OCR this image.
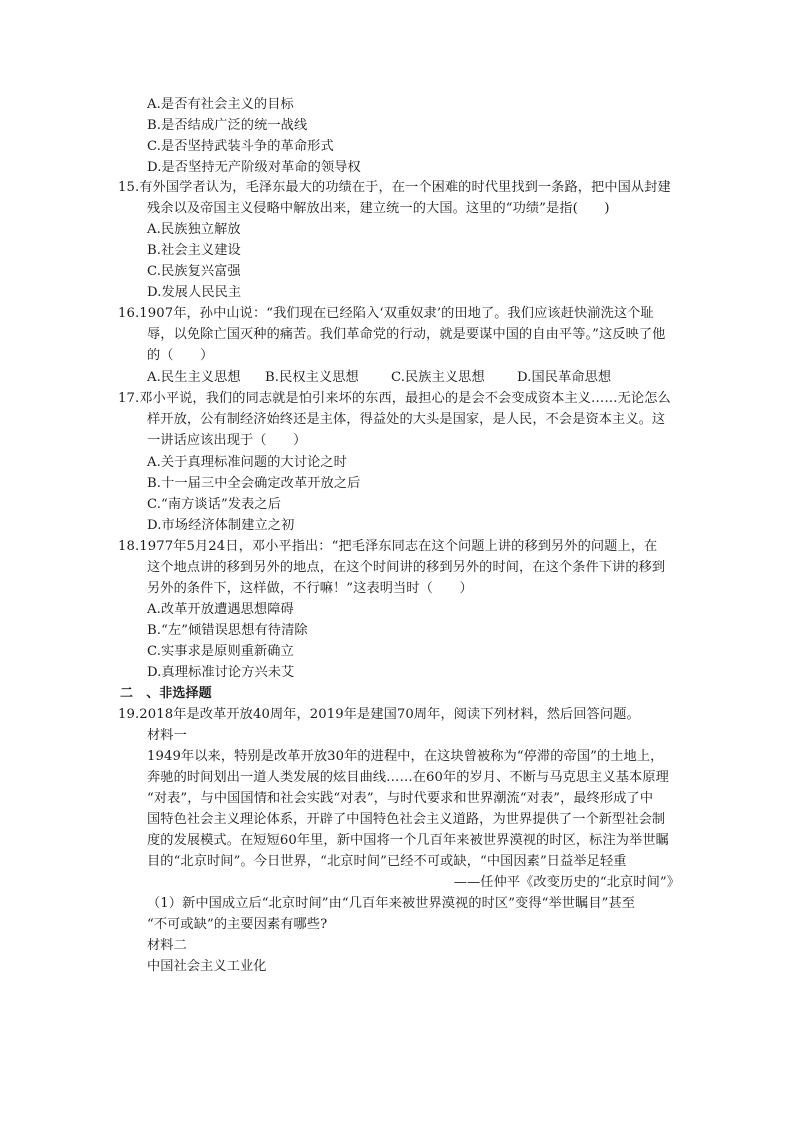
A.是否有社会主义的目标
B.是否结成广泛的统一战线
C.是否坚持武装斗争的革命形式
D.是否坚持无产阶级对革命的领导权
15.有外国学者认为，毛泽东最大的功绩在于，在一个困难的时代里找到一条路，把中国从封建
残余以及帝国主义侵略中解放出来，建立统一的大国。这里的“功绩”是指(　　)
A.民族独立解放
B.社会主义建设
C.民族复兴富强
D.发展人民民主
16.1907年，孙中山说：“我们现在已经陷入‘双重奴隶’的田地了。我们应该赶快湔洗这个耻
辱，以免除亡国灭种的痛苦。我们革命党的行动，就是要谋中国的自由平等。”这反映了他
的（　　）
A.民生主义思想	B.民权主义思想	C.民族主义思想	D.国民革命思想
17.邓小平说，我们的同志就是怕引来坏的东西，最担心的是会不会变成资本主义……无论怎么
样开放，公有制经济始终还是主体，得益处的大头是国家，是人民，不会是资本主义。这
一讲话应该出现于（　　）
A.关于真理标准问题的大讨论之时
B.十一届三中全会确定改革开放之后
C.“南方谈话”发表之后
D.市场经济体制建立之初
18.1977年5月24日，邓小平指出：“把毛泽东同志在这个问题上讲的移到另外的问题上，在
这个地点讲的移到另外的地点，在这个时间讲的移到另外的时间，在这个条件下讲的移到
另外的条件下，这样做，不行嘛！”这表明当时（　　）
A.改革开放遭遇思想障碍
B.“左”倾错误思想有待清除
C.实事求是原则重新确立
D.真理标准讨论方兴未艾
二　、非选择题
19.2018年是改革开放40周年，2019年是建国70周年，阅读下列材料，然后回答问题。
材料一
1949年以来，特别是改革开放30年的进程中，在这块曾被称为“停滞的帝国”的土地上，
奔驰的时间划出一道人类发展的炫目曲线……在60年的岁月、不断与马克思主义基本原理
“对表”，与中国国情和社会实践“对表”，与时代要求和世界潮流“对表”，最终形成了中
国特色社会主义理论体系，开辟了中国特色社会主义道路，为世界提供了一个新型社会制
度的发展模式。在短短60年里，新中国将一个几百年来被世界漠视的时区，标注为举世瞩
目的“北京时间”。今日世界，“北京时间”已经不可或缺，“中国因素”日益举足轻重
——任仲平《改变历史的“北京时间”》
（1）新中国成立后“北京时间”由“几百年来被世界漠视的时区”变得“举世瞩目”甚至
“不可或缺”的主要因素有哪些?
材料二
中国社会主义工业化
